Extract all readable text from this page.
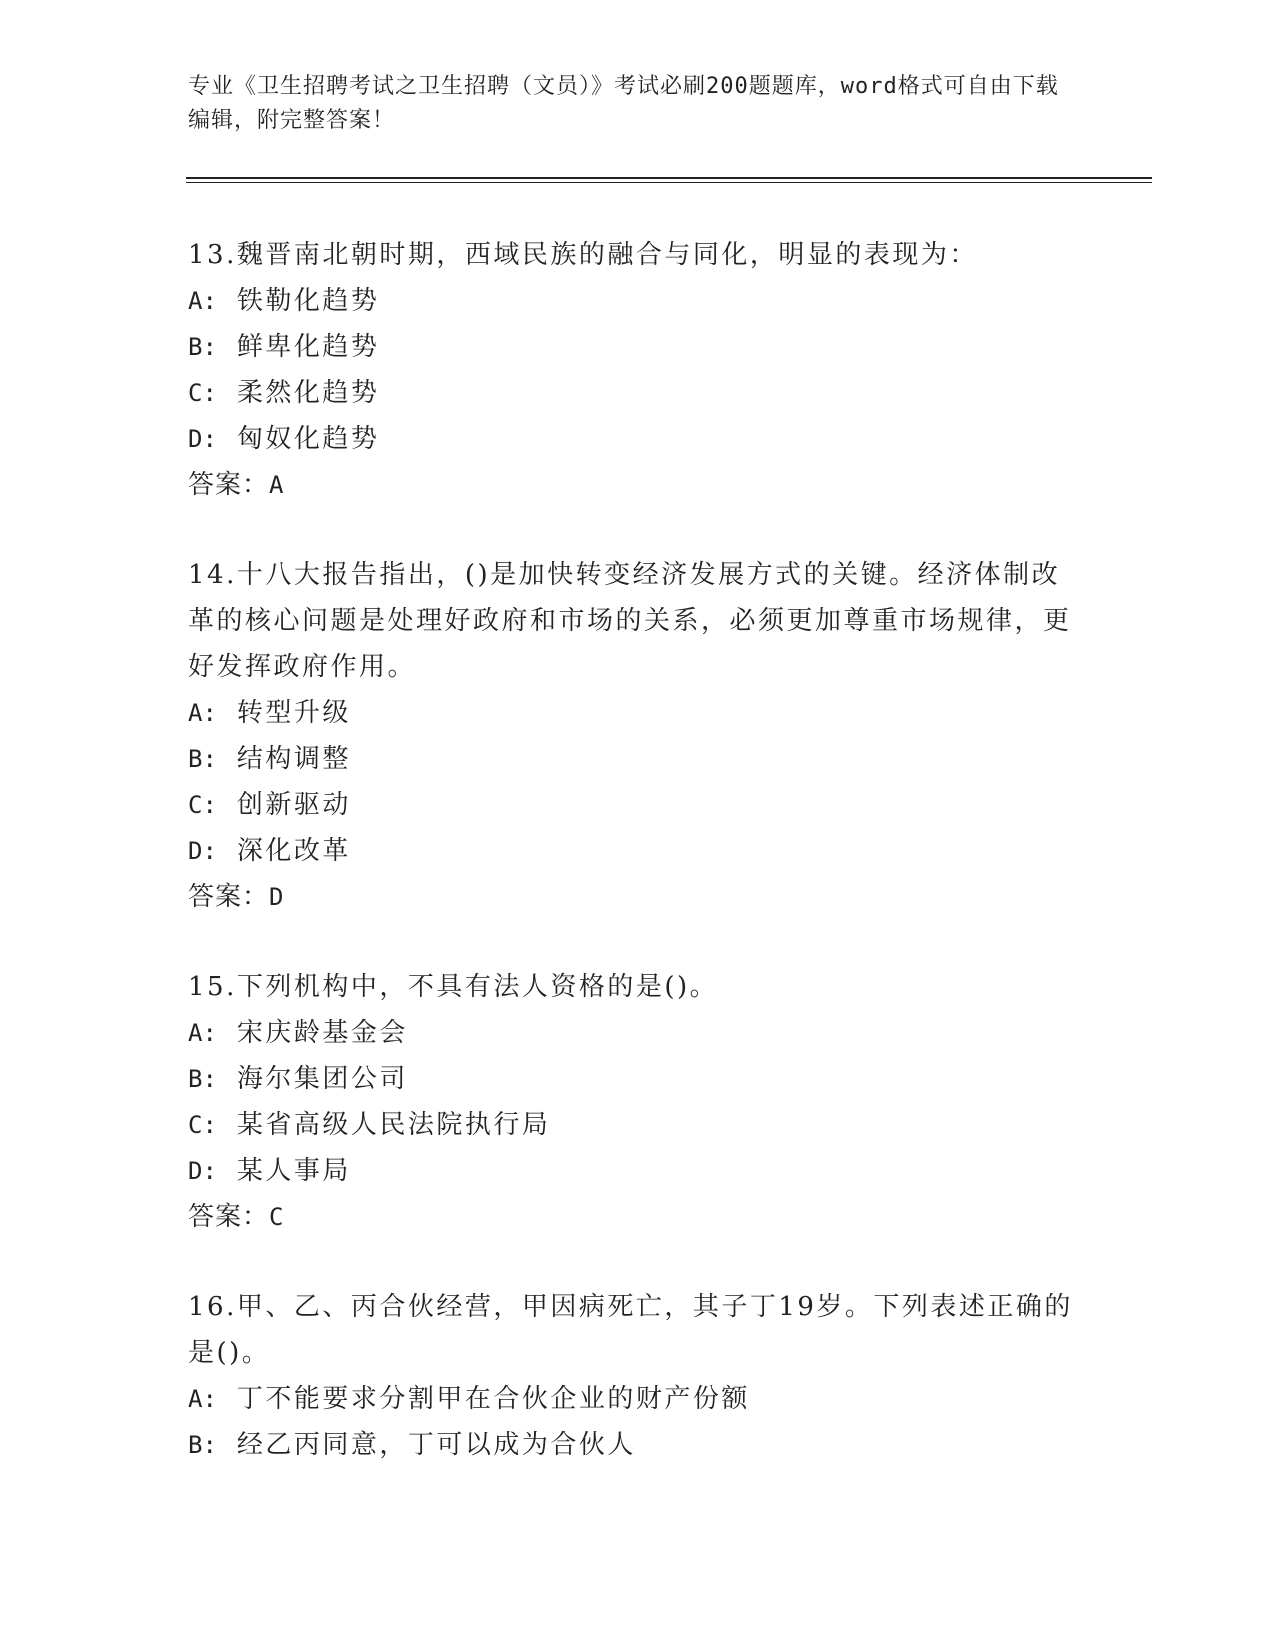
专业《卫生招聘考试之卫生招聘（文员）》考试必刷200题题库，word格式可自由下载编辑，附完整答案！

13.魏晋南北朝时期，西域民族的融合与同化，明显的表现为：

A: 铁勒化趋势

B: 鲜卑化趋势

C: 柔然化趋势

D: 匈奴化趋势

答案：A

14.十八大报告指出，()是加快转变经济发展方式的关键。经济体制改革的核心问题是处理好政府和市场的关系，必须更加尊重市场规律，更好发挥政府作用。

A: 转型升级

B: 结构调整

C: 创新驱动

D: 深化改革

答案：D

15.下列机构中，不具有法人资格的是()。

A: 宋庆龄基金会

B: 海尔集团公司

C: 某省高级人民法院执行局

D: 某人事局

答案：C

16.甲、乙、丙合伙经营，甲因病死亡，其子丁19岁。下列表述正确的是()。

A: 丁不能要求分割甲在合伙企业的财产份额

B: 经乙丙同意，丁可以成为合伙人
